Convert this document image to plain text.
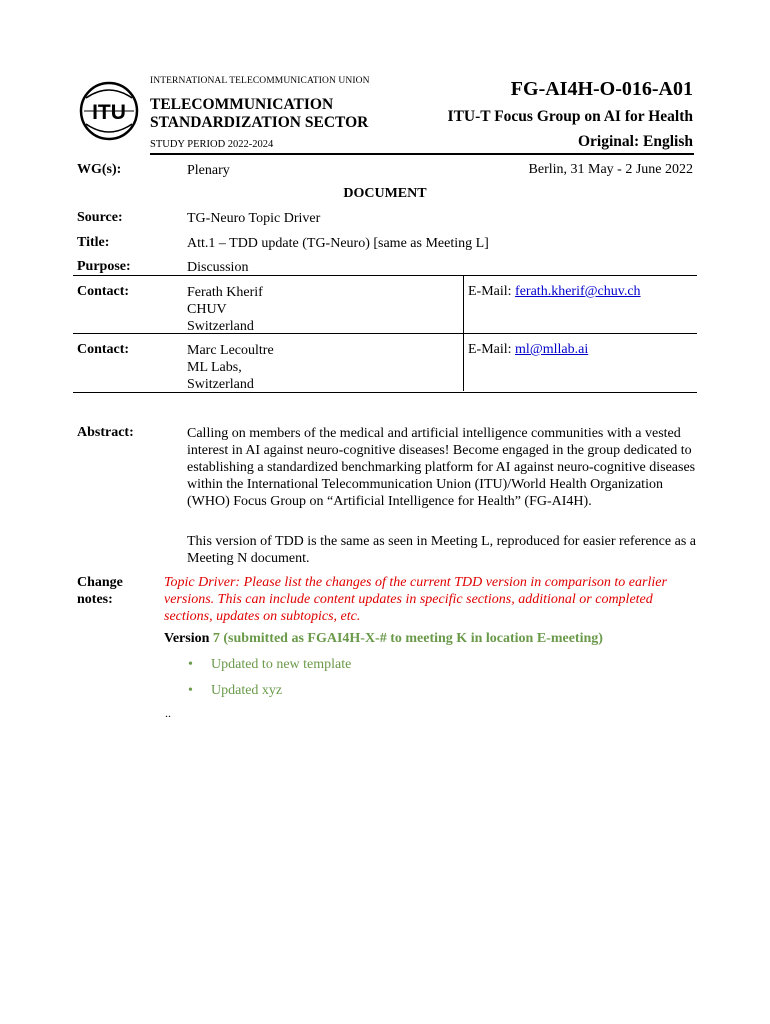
ITU
INTERNATIONAL TELECOMMUNICATION UNION
TELECOMMUNICATION
STANDARDIZATION SECTOR
STUDY PERIOD 2022-2024
FG-AI4H-O-016-A01
ITU-T Focus Group on AI for Health
Original: English
WG(s):	Plenary	Berlin, 31 May - 2 June 2022
DOCUMENT
Source:	TG-Neuro Topic Driver
Title:	Att.1 – TDD update (TG-Neuro) [same as Meeting L]
Purpose:	Discussion
Contact:	Ferath Kherif
CHUV
Switzerland
E-Mail: ferath.kherif@chuv.ch
Contact:	Marc Lecoultre
ML Labs,
Switzerland
E-Mail: ml@mllab.ai
Abstract:	Calling on members of the medical and artificial intelligence communities with a vested interest in AI against neuro-cognitive diseases! Become engaged in the group dedicated to establishing a standardized benchmarking platform for AI against neuro-cognitive diseases within the International Telecommunication Union (ITU)/World Health Organization (WHO) Focus Group on “Artificial Intelligence for Health” (FG-AI4H).
This version of TDD is the same as seen in Meeting L, reproduced for easier reference as a Meeting N document.
Change
notes:
Topic Driver: Please list the changes of the current TDD version in comparison to earlier versions. This can include content updates in specific sections, additional or completed sections, updates on subtopics, etc.
Version 7 (submitted as FGAI4H-X-# to meeting K in location E-meeting)
• Updated to new template
• Updated xyz
..
